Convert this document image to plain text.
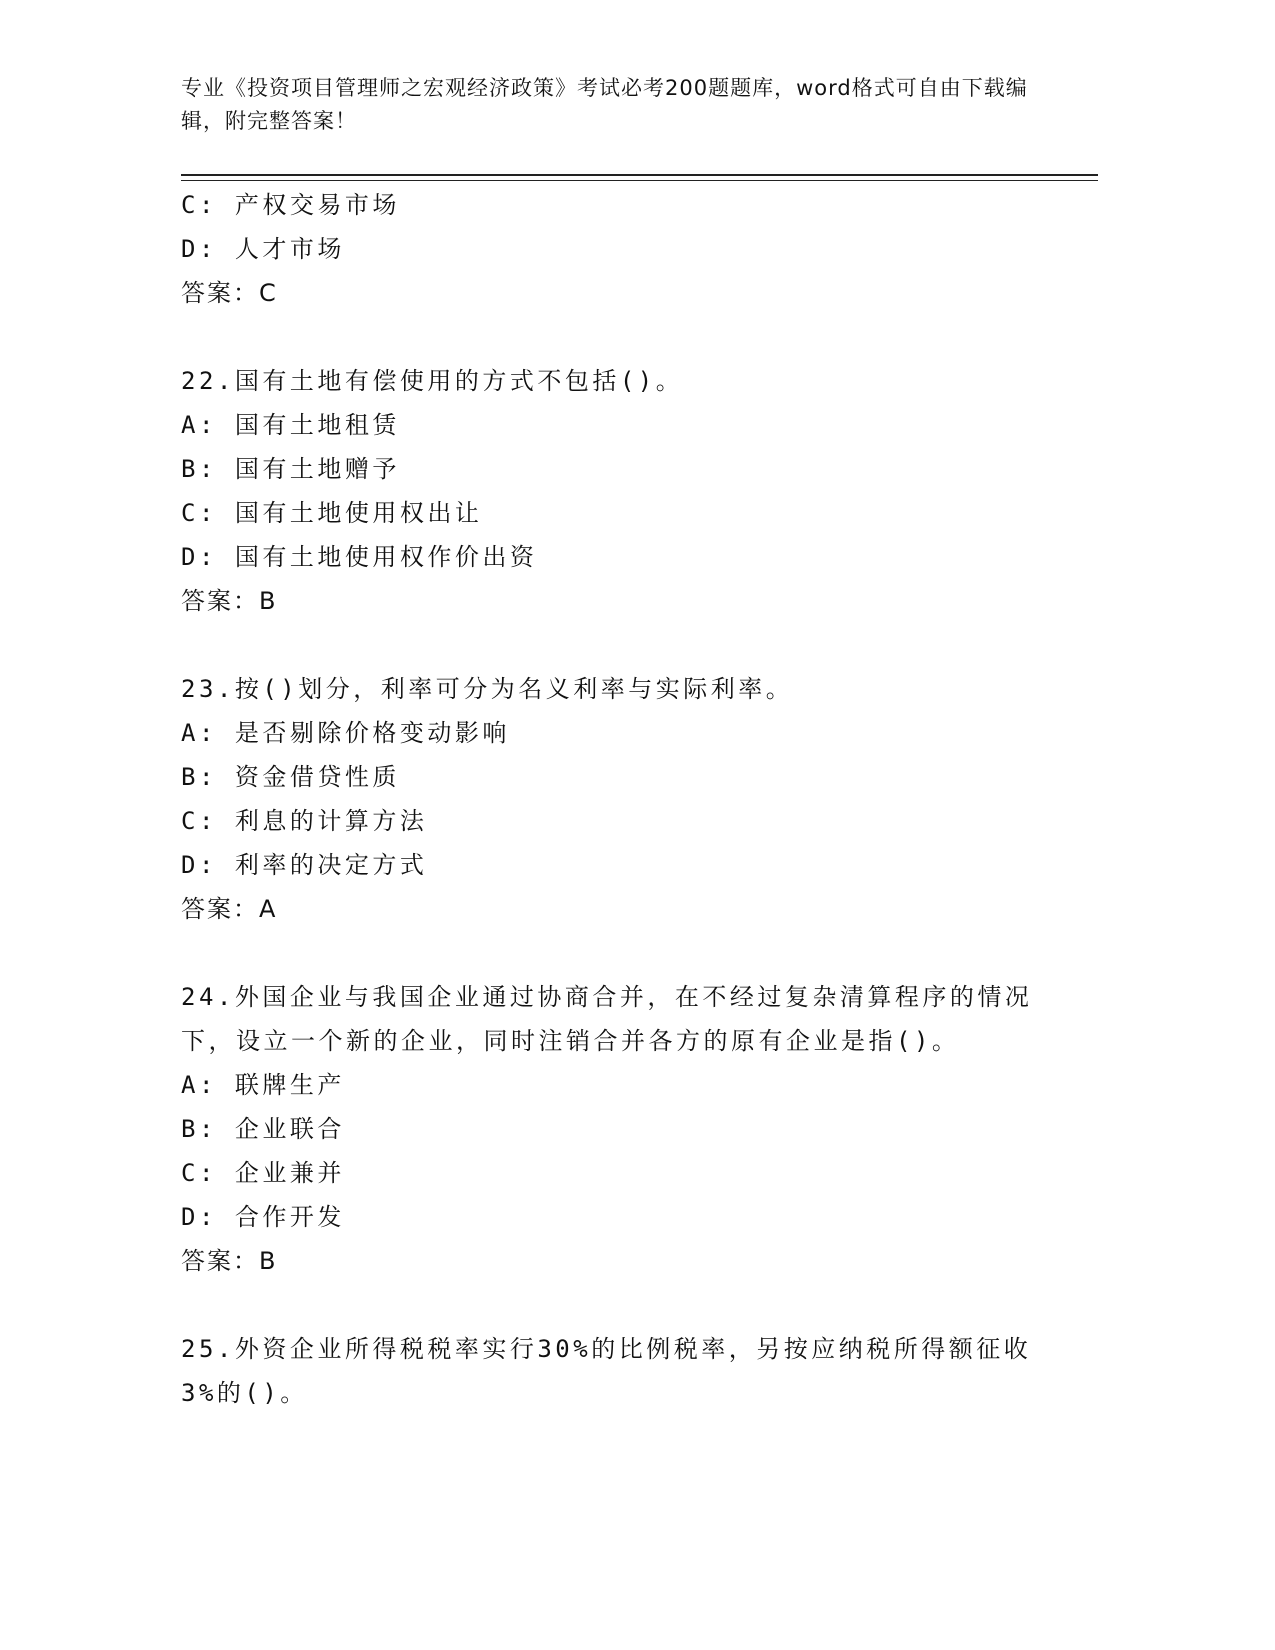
专业《投资项目管理师之宏观经济政策》考试必考200题题库，word格式可自由下载编辑，附完整答案！
C: 产权交易市场
D: 人才市场
答案：C
22.国有土地有偿使用的方式不包括()。
A: 国有土地租赁
B: 国有土地赠予
C: 国有土地使用权出让
D: 国有土地使用权作价出资
答案：B
23.按()划分，利率可分为名义利率与实际利率。
A: 是否剔除价格变动影响
B: 资金借贷性质
C: 利息的计算方法
D: 利率的决定方式
答案：A
24.外国企业与我国企业通过协商合并，在不经过复杂清算程序的情况下，设立一个新的企业，同时注销合并各方的原有企业是指()。
A: 联牌生产
B: 企业联合
C: 企业兼并
D: 合作开发
答案：B
25.外资企业所得税税率实行30%的比例税率，另按应纳税所得额征收3%的()。
